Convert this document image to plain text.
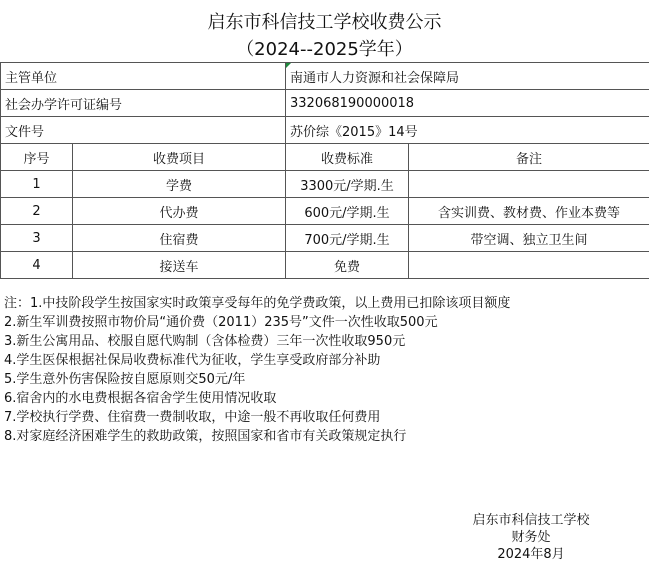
启东市科信技工学校收费公示
（2024--2025学年）
主管单位		南通市人力资源和社会保障局	
社会办学许可证编号		332068190000018	
文件号		苏价综《2015》14号	
序号	收费项目	收费标准	备注
1	学费	3300元/学期.生	
2	代办费	600元/学期.生	含实训费、教材费、作业本费等
3	住宿费	700元/学期.生	带空调、独立卫生间
4	接送车	免费	
注：1.中技阶段学生按国家实时政策享受每年的免学费政策，以上费用已扣除该项目额度
2.新生军训费按照市物价局“通价费（2011）235号”文件一次性收取500元
3.新生公寓用品、校服自愿代购制（含体检费）三年一次性收取950元
4.学生医保根据社保局收费标准代为征收，学生享受政府部分补助
5.学生意外伤害保险按自愿原则交50元/年
6.宿舍内的水电费根据各宿舍学生使用情况收取
7.学校执行学费、住宿费一费制收取，中途一般不再收取任何费用
8.对家庭经济困难学生的救助政策，按照国家和省市有关政策规定执行
启东市科信技工学校
财务处
2024年8月
